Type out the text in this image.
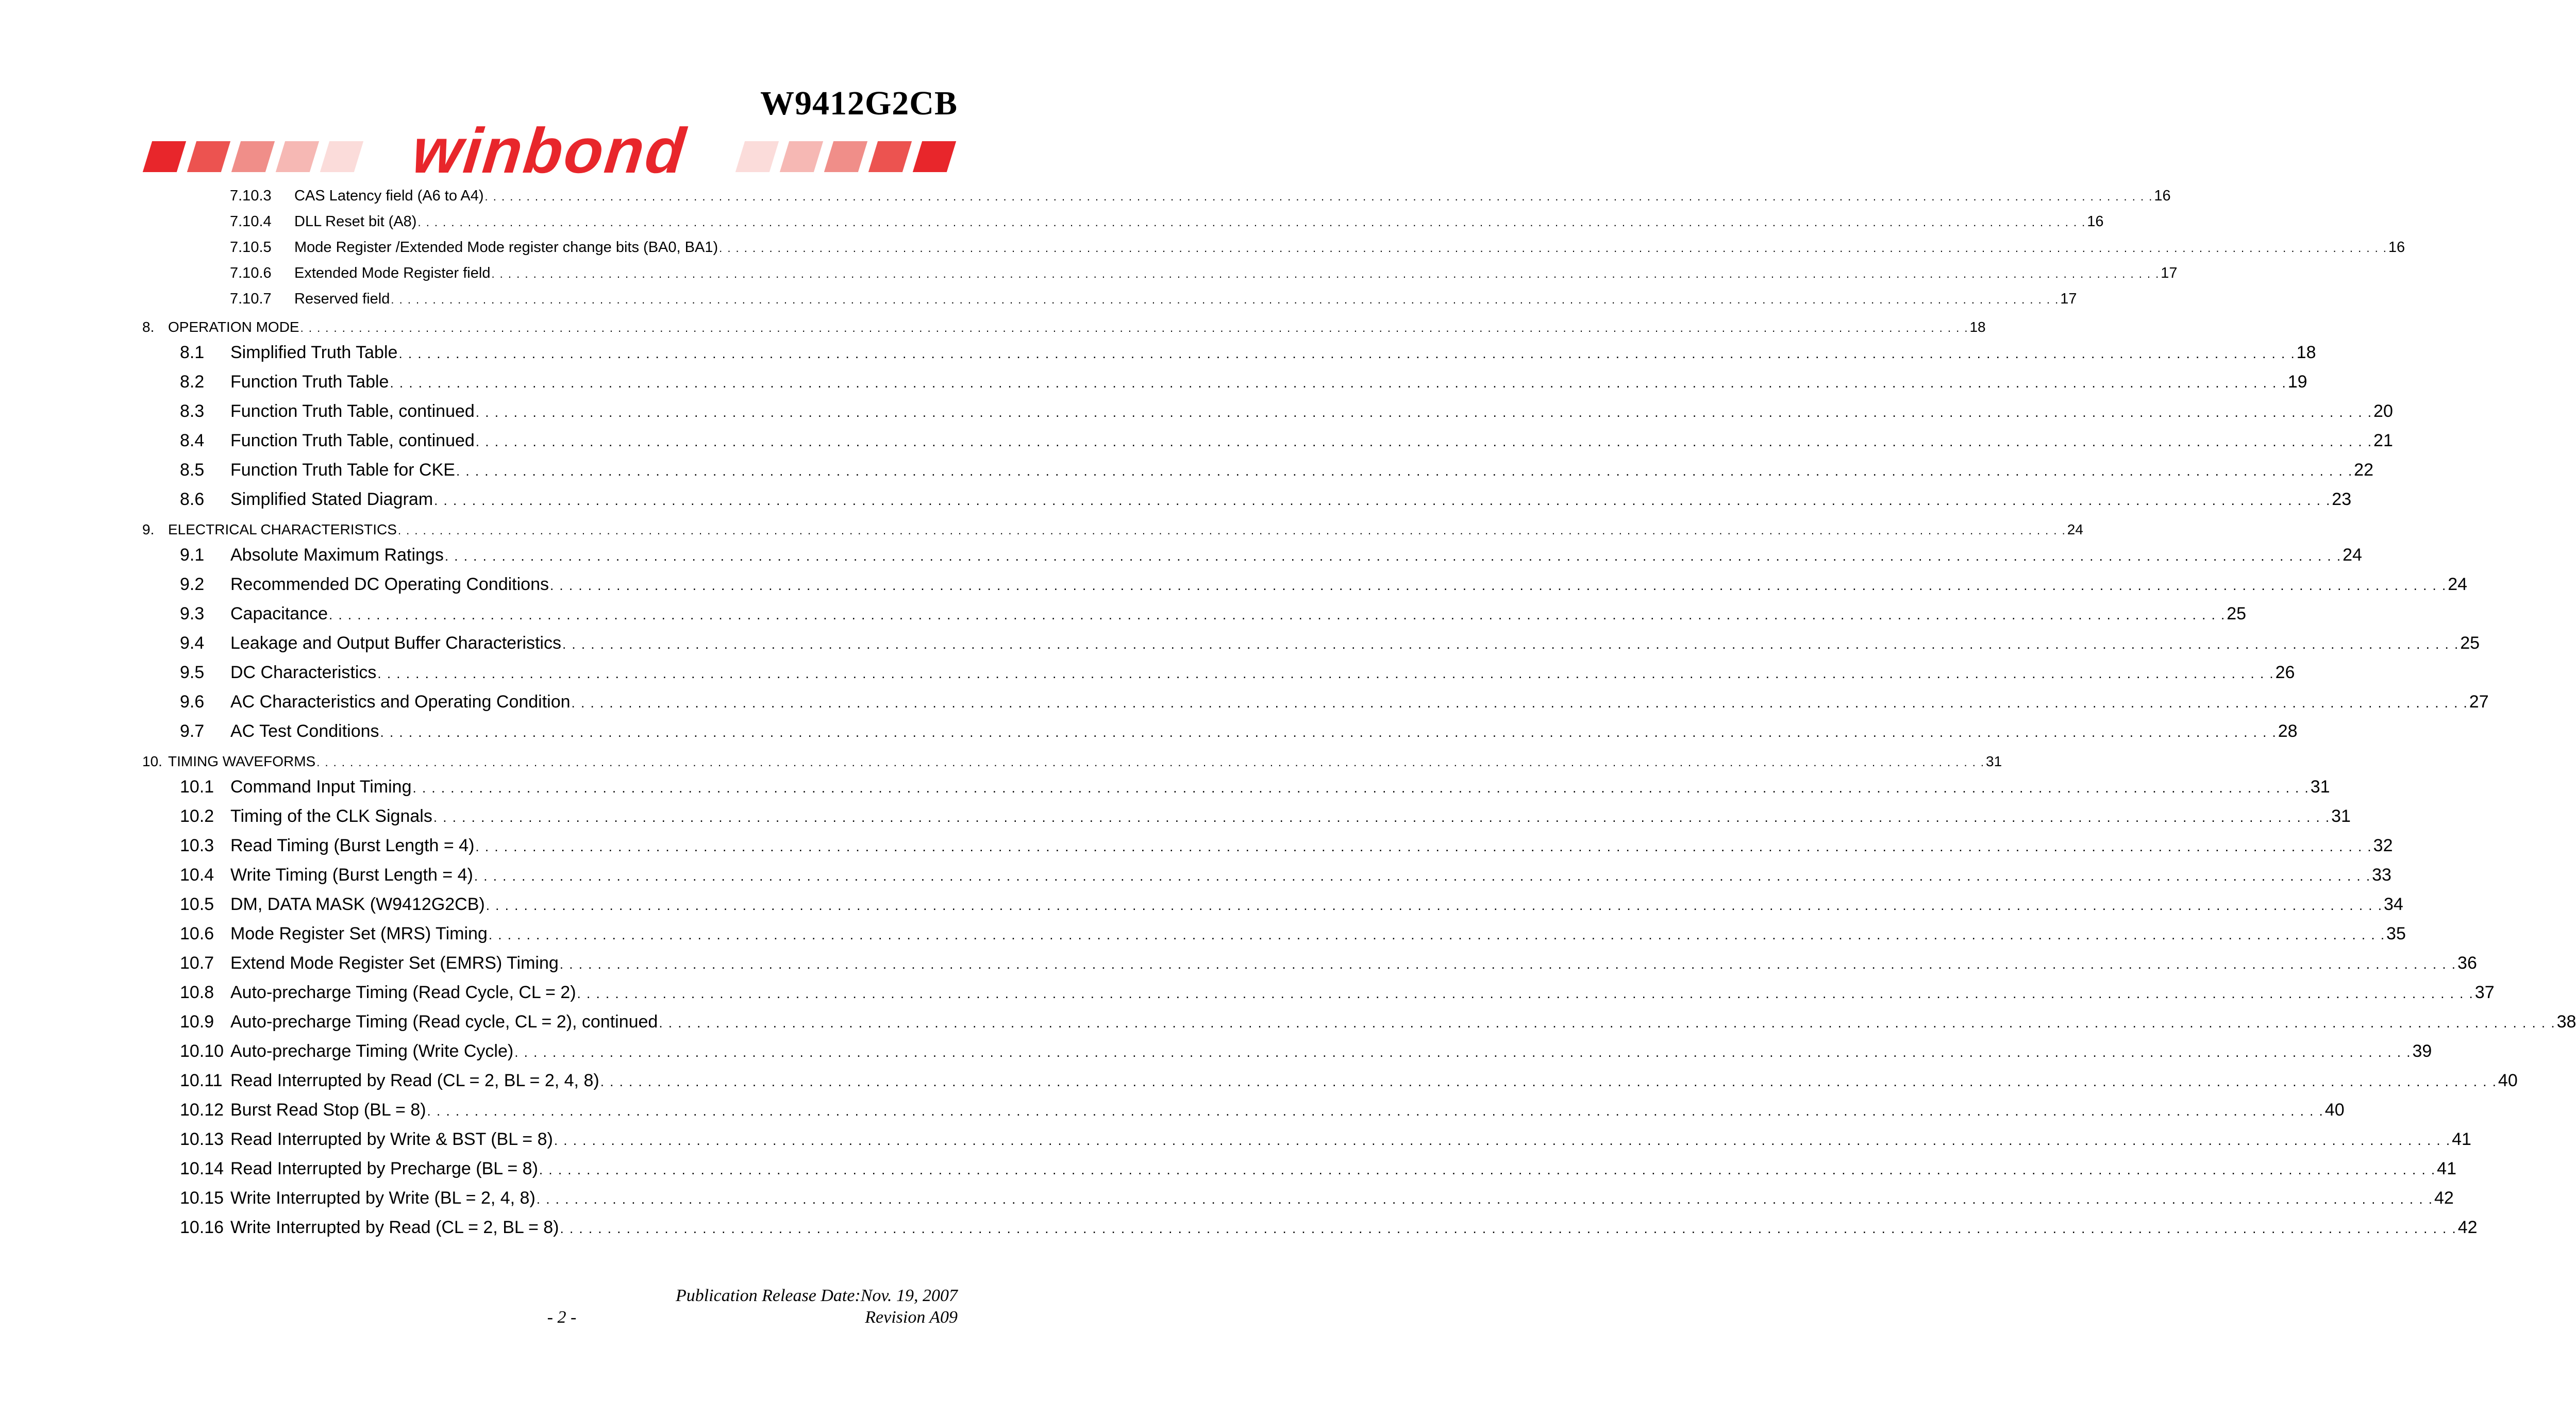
W9412G2CB
winbond
7.10.3	CAS Latency field (A6 to A4) . . . . . . . . . . . . . . . . . . . . . . . . . . . . . . . . . . . . . . . . . . . . . . . . . . . . . . . . . . . . . . . . . . . . . . . . . . . . . . . . . . . . . . . . . . . . . . . . . . . . . . . . . . . . . . . . . . . . . . . . . . . . . . . . . . . . . . . . . . . . . . . . . . . . . . . . . . . . . . . . . . . . . . . . . . . . . . . . . . . . . . . . . . . . . . . . . . . . . . . . 16
7.10.4	DLL Reset bit (A8) . . . . . . . . . . . . . . . . . . . . . . . . . . . . . . . . . . . . . . . . . . . . . . . . . . . . . . . . . . . . . . . . . . . . . . . . . . . . . . . . . . . . . . . . . . . . . . . . . . . . . . . . . . . . . . . . . . . . . . . . . . . . . . . . . . . . . . . . . . . . . . . . . . . . . . . . . . . . . . . . . . . . . . . . . . . . . . . . . . . . . . . . . . . . . . . . . . . . . . . . 16
7.10.5	Mode Register /Extended Mode register change bits (BA0, BA1) . . . . . . . . . . . . . . . . . . . . . . . . . . . . . . . . . . . . . . . . . . . . . . . . . . . . . . . . . . . . . . . . . . . . . . . . . . . . . . . . . . . . . . . . . . . . . . . . . . . . . . . . . . . . . . . . . . . . . . . . . . . . . . . . . . . . . . . . . . . . . . . . . . . . . . . . . . . . . . . . . . . . . . . . . . . . . . . . . . . . . . . . . . . . . . . . . . . . . . . . 16
7.10.6	Extended Mode Register field . . . . . . . . . . . . . . . . . . . . . . . . . . . . . . . . . . . . . . . . . . . . . . . . . . . . . . . . . . . . . . . . . . . . . . . . . . . . . . . . . . . . . . . . . . . . . . . . . . . . . . . . . . . . . . . . . . . . . . . . . . . . . . . . . . . . . . . . . . . . . . . . . . . . . . . . . . . . . . . . . . . . . . . . . . . . . . . . . . . . . . . . . . . . . . . . . . . . . . . . 17
7.10.7	Reserved field . . . . . . . . . . . . . . . . . . . . . . . . . . . . . . . . . . . . . . . . . . . . . . . . . . . . . . . . . . . . . . . . . . . . . . . . . . . . . . . . . . . . . . . . . . . . . . . . . . . . . . . . . . . . . . . . . . . . . . . . . . . . . . . . . . . . . . . . . . . . . . . . . . . . . . . . . . . . . . . . . . . . . . . . . . . . . . . . . . . . . . . . . . . . . . . . . . . . . . . . 17
8. OPERATION MODE . . . . . . . . . . . . . . . . . . . . . . . . . . . . . . . . . . . . . . . . . . . . . . . . . . . . . . . . . . . . . . . . . . . . . . . . . . . . . . . . . . . . . . . . . . . . . . . . . . . . . . . . . . . . . . . . . . . . . . . . . . . . . . . . . . . . . . . . . . . . . . . . . . . . . . . . . . . . . . . . . . . . . . . . . . . . . . . . . . . . . . . . . . . . . . . . . . . . . . . . 18
8.1	Simplified Truth Table . . . . . . . . . . . . . . . . . . . . . . . . . . . . . . . . . . . . . . . . . . . . . . . . . . . . . . . . . . . . . . . . . . . . . . . . . . . . . . . . . . . . . . . . . . . . . . . . . . . . . . . . . . . . . . . . . . . . . . . . . . . . . . . . . . . . . . . . . . . . . . . . . . . . . . . . . . . . . . . . . . . . . . . . . . . . . . . . . . . . . . . . . . . . . . . . . . . . . . . . 18
8.2	Function Truth Table . . . . . . . . . . . . . . . . . . . . . . . . . . . . . . . . . . . . . . . . . . . . . . . . . . . . . . . . . . . . . . . . . . . . . . . . . . . . . . . . . . . . . . . . . . . . . . . . . . . . . . . . . . . . . . . . . . . . . . . . . . . . . . . . . . . . . . . . . . . . . . . . . . . . . . . . . . . . . . . . . . . . . . . . . . . . . . . . . . . . . . . . . . . . . . . . . . . . . . . . 19
8.3	Function Truth Table, continued . . . . . . . . . . . . . . . . . . . . . . . . . . . . . . . . . . . . . . . . . . . . . . . . . . . . . . . . . . . . . . . . . . . . . . . . . . . . . . . . . . . . . . . . . . . . . . . . . . . . . . . . . . . . . . . . . . . . . . . . . . . . . . . . . . . . . . . . . . . . . . . . . . . . . . . . . . . . . . . . . . . . . . . . . . . . . . . . . . . . . . . . . . . . . . . . . . . . . . . . 20
8.4	Function Truth Table, continued . . . . . . . . . . . . . . . . . . . . . . . . . . . . . . . . . . . . . . . . . . . . . . . . . . . . . . . . . . . . . . . . . . . . . . . . . . . . . . . . . . . . . . . . . . . . . . . . . . . . . . . . . . . . . . . . . . . . . . . . . . . . . . . . . . . . . . . . . . . . . . . . . . . . . . . . . . . . . . . . . . . . . . . . . . . . . . . . . . . . . . . . . . . . . . . . . . . . . . . . 21
8.5	Function Truth Table for CKE . . . . . . . . . . . . . . . . . . . . . . . . . . . . . . . . . . . . . . . . . . . . . . . . . . . . . . . . . . . . . . . . . . . . . . . . . . . . . . . . . . . . . . . . . . . . . . . . . . . . . . . . . . . . . . . . . . . . . . . . . . . . . . . . . . . . . . . . . . . . . . . . . . . . . . . . . . . . . . . . . . . . . . . . . . . . . . . . . . . . . . . . . . . . . . . . . . . . . . . . 22
8.6	Simplified Stated Diagram . . . . . . . . . . . . . . . . . . . . . . . . . . . . . . . . . . . . . . . . . . . . . . . . . . . . . . . . . . . . . . . . . . . . . . . . . . . . . . . . . . . . . . . . . . . . . . . . . . . . . . . . . . . . . . . . . . . . . . . . . . . . . . . . . . . . . . . . . . . . . . . . . . . . . . . . . . . . . . . . . . . . . . . . . . . . . . . . . . . . . . . . . . . . . . . . . . . . . . . . 23
9. ELECTRICAL CHARACTERISTICS . . . . . . . . . . . . . . . . . . . . . . . . . . . . . . . . . . . . . . . . . . . . . . . . . . . . . . . . . . . . . . . . . . . . . . . . . . . . . . . . . . . . . . . . . . . . . . . . . . . . . . . . . . . . . . . . . . . . . . . . . . . . . . . . . . . . . . . . . . . . . . . . . . . . . . . . . . . . . . . . . . . . . . . . . . . . . . . . . . . . . . . . . . . . . . . . . . . . . . . . 24
9.1	Absolute Maximum Ratings . . . . . . . . . . . . . . . . . . . . . . . . . . . . . . . . . . . . . . . . . . . . . . . . . . . . . . . . . . . . . . . . . . . . . . . . . . . . . . . . . . . . . . . . . . . . . . . . . . . . . . . . . . . . . . . . . . . . . . . . . . . . . . . . . . . . . . . . . . . . . . . . . . . . . . . . . . . . . . . . . . . . . . . . . . . . . . . . . . . . . . . . . . . . . . . . . . . . . . . . 24
9.2	Recommended DC Operating Conditions . . . . . . . . . . . . . . . . . . . . . . . . . . . . . . . . . . . . . . . . . . . . . . . . . . . . . . . . . . . . . . . . . . . . . . . . . . . . . . . . . . . . . . . . . . . . . . . . . . . . . . . . . . . . . . . . . . . . . . . . . . . . . . . . . . . . . . . . . . . . . . . . . . . . . . . . . . . . . . . . . . . . . . . . . . . . . . . . . . . . . . . . . . . . . . . . . . . . . . . . 24
9.3	Capacitance . . . . . . . . . . . . . . . . . . . . . . . . . . . . . . . . . . . . . . . . . . . . . . . . . . . . . . . . . . . . . . . . . . . . . . . . . . . . . . . . . . . . . . . . . . . . . . . . . . . . . . . . . . . . . . . . . . . . . . . . . . . . . . . . . . . . . . . . . . . . . . . . . . . . . . . . . . . . . . . . . . . . . . . . . . . . . . . . . . . . . . . . . . . . . . . . . . . . . . . . 25
9.4	Leakage and Output Buffer Characteristics . . . . . . . . . . . . . . . . . . . . . . . . . . . . . . . . . . . . . . . . . . . . . . . . . . . . . . . . . . . . . . . . . . . . . . . . . . . . . . . . . . . . . . . . . . . . . . . . . . . . . . . . . . . . . . . . . . . . . . . . . . . . . . . . . . . . . . . . . . . . . . . . . . . . . . . . . . . . . . . . . . . . . . . . . . . . . . . . . . . . . . . . . . . . . . . . . . . . . . . . 25
9.5	DC Characteristics . . . . . . . . . . . . . . . . . . . . . . . . . . . . . . . . . . . . . . . . . . . . . . . . . . . . . . . . . . . . . . . . . . . . . . . . . . . . . . . . . . . . . . . . . . . . . . . . . . . . . . . . . . . . . . . . . . . . . . . . . . . . . . . . . . . . . . . . . . . . . . . . . . . . . . . . . . . . . . . . . . . . . . . . . . . . . . . . . . . . . . . . . . . . . . . . . . . . . . . . 26
9.6	AC Characteristics and Operating Condition . . . . . . . . . . . . . . . . . . . . . . . . . . . . . . . . . . . . . . . . . . . . . . . . . . . . . . . . . . . . . . . . . . . . . . . . . . . . . . . . . . . . . . . . . . . . . . . . . . . . . . . . . . . . . . . . . . . . . . . . . . . . . . . . . . . . . . . . . . . . . . . . . . . . . . . . . . . . . . . . . . . . . . . . . . . . . . . . . . . . . . . . . . . . . . . . . . . . . . . . 27
9.7	AC Test Conditions . . . . . . . . . . . . . . . . . . . . . . . . . . . . . . . . . . . . . . . . . . . . . . . . . . . . . . . . . . . . . . . . . . . . . . . . . . . . . . . . . . . . . . . . . . . . . . . . . . . . . . . . . . . . . . . . . . . . . . . . . . . . . . . . . . . . . . . . . . . . . . . . . . . . . . . . . . . . . . . . . . . . . . . . . . . . . . . . . . . . . . . . . . . . . . . . . . . . . . . . 28
10. TIMING WAVEFORMS . . . . . . . . . . . . . . . . . . . . . . . . . . . . . . . . . . . . . . . . . . . . . . . . . . . . . . . . . . . . . . . . . . . . . . . . . . . . . . . . . . . . . . . . . . . . . . . . . . . . . . . . . . . . . . . . . . . . . . . . . . . . . . . . . . . . . . . . . . . . . . . . . . . . . . . . . . . . . . . . . . . . . . . . . . . . . . . . . . . . . . . . . . . . . . . . . . . . . . . . 31
10.1 Command Input Timing . . . . . . . . . . . . . . . . . . . . . . . . . . . . . . . . . . . . . . . . . . . . . . . . . . . . . . . . . . . . . . . . . . . . . . . . . . . . . . . . . . . . . . . . . . . . . . . . . . . . . . . . . . . . . . . . . . . . . . . . . . . . . . . . . . . . . . . . . . . . . . . . . . . . . . . . . . . . . . . . . . . . . . . . . . . . . . . . . . . . . . . . . . . . . . . . . . . . . . . . 31
10.2 Timing of the CLK Signals . . . . . . . . . . . . . . . . . . . . . . . . . . . . . . . . . . . . . . . . . . . . . . . . . . . . . . . . . . . . . . . . . . . . . . . . . . . . . . . . . . . . . . . . . . . . . . . . . . . . . . . . . . . . . . . . . . . . . . . . . . . . . . . . . . . . . . . . . . . . . . . . . . . . . . . . . . . . . . . . . . . . . . . . . . . . . . . . . . . . . . . . . . . . . . . . . . . . . . . . 31
10.3 Read Timing (Burst Length = 4) . . . . . . . . . . . . . . . . . . . . . . . . . . . . . . . . . . . . . . . . . . . . . . . . . . . . . . . . . . . . . . . . . . . . . . . . . . . . . . . . . . . . . . . . . . . . . . . . . . . . . . . . . . . . . . . . . . . . . . . . . . . . . . . . . . . . . . . . . . . . . . . . . . . . . . . . . . . . . . . . . . . . . . . . . . . . . . . . . . . . . . . . . . . . . . . . . . . . . . . . 32
10.4 Write Timing (Burst Length = 4) . . . . . . . . . . . . . . . . . . . . . . . . . . . . . . . . . . . . . . . . . . . . . . . . . . . . . . . . . . . . . . . . . . . . . . . . . . . . . . . . . . . . . . . . . . . . . . . . . . . . . . . . . . . . . . . . . . . . . . . . . . . . . . . . . . . . . . . . . . . . . . . . . . . . . . . . . . . . . . . . . . . . . . . . . . . . . . . . . . . . . . . . . . . . . . . . . . . . . . . . 33
10.5 DM, DATA MASK (W9412G2CB) . . . . . . . . . . . . . . . . . . . . . . . . . . . . . . . . . . . . . . . . . . . . . . . . . . . . . . . . . . . . . . . . . . . . . . . . . . . . . . . . . . . . . . . . . . . . . . . . . . . . . . . . . . . . . . . . . . . . . . . . . . . . . . . . . . . . . . . . . . . . . . . . . . . . . . . . . . . . . . . . . . . . . . . . . . . . . . . . . . . . . . . . . . . . . . . . . . . . . . . . 34
10.6 Mode Register Set (MRS) Timing . . . . . . . . . . . . . . . . . . . . . . . . . . . . . . . . . . . . . . . . . . . . . . . . . . . . . . . . . . . . . . . . . . . . . . . . . . . . . . . . . . . . . . . . . . . . . . . . . . . . . . . . . . . . . . . . . . . . . . . . . . . . . . . . . . . . . . . . . . . . . . . . . . . . . . . . . . . . . . . . . . . . . . . . . . . . . . . . . . . . . . . . . . . . . . . . . . . . . . . . 35
10.7 Extend Mode Register Set (EMRS) Timing . . . . . . . . . . . . . . . . . . . . . . . . . . . . . . . . . . . . . . . . . . . . . . . . . . . . . . . . . . . . . . . . . . . . . . . . . . . . . . . . . . . . . . . . . . . . . . . . . . . . . . . . . . . . . . . . . . . . . . . . . . . . . . . . . . . . . . . . . . . . . . . . . . . . . . . . . . . . . . . . . . . . . . . . . . . . . . . . . . . . . . . . . . . . . . . . . . . . . . . . 36
10.8 Auto-precharge Timing (Read Cycle, CL = 2) . . . . . . . . . . . . . . . . . . . . . . . . . . . . . . . . . . . . . . . . . . . . . . . . . . . . . . . . . . . . . . . . . . . . . . . . . . . . . . . . . . . . . . . . . . . . . . . . . . . . . . . . . . . . . . . . . . . . . . . . . . . . . . . . . . . . . . . . . . . . . . . . . . . . . . . . . . . . . . . . . . . . . . . . . . . . . . . . . . . . . . . . . . . . . . . . . . . . . . . . 37
10.9 Auto-precharge Timing (Read cycle, CL = 2), continued . . . . . . . . . . . . . . . . . . . . . . . . . . . . . . . . . . . . . . . . . . . . . . . . . . . . . . . . . . . . . . . . . . . . . . . . . . . . . . . . . . . . . . . . . . . . . . . . . . . . . . . . . . . . . . . . . . . . . . . . . . . . . . . . . . . . . . . . . . . . . . . . . . . . . . . . . . . . . . . . . . . . . . . . . . . . . . . . . . . . . . . . . . . . . . . . . . . . . . . . 38
10.10 Auto-precharge Timing (Write Cycle) . . . . . . . . . . . . . . . . . . . . . . . . . . . . . . . . . . . . . . . . . . . . . . . . . . . . . . . . . . . . . . . . . . . . . . . . . . . . . . . . . . . . . . . . . . . . . . . . . . . . . . . . . . . . . . . . . . . . . . . . . . . . . . . . . . . . . . . . . . . . . . . . . . . . . . . . . . . . . . . . . . . . . . . . . . . . . . . . . . . . . . . . . . . . . . . . . . . . . . . . 39
10.11 Read Interrupted by Read (CL = 2, BL = 2, 4, 8) . . . . . . . . . . . . . . . . . . . . . . . . . . . . . . . . . . . . . . . . . . . . . . . . . . . . . . . . . . . . . . . . . . . . . . . . . . . . . . . . . . . . . . . . . . . . . . . . . . . . . . . . . . . . . . . . . . . . . . . . . . . . . . . . . . . . . . . . . . . . . . . . . . . . . . . . . . . . . . . . . . . . . . . . . . . . . . . . . . . . . . . . . . . . . . . . . . . . . . . . 40
10.12 Burst Read Stop (BL = 8) . . . . . . . . . . . . . . . . . . . . . . . . . . . . . . . . . . . . . . . . . . . . . . . . . . . . . . . . . . . . . . . . . . . . . . . . . . . . . . . . . . . . . . . . . . . . . . . . . . . . . . . . . . . . . . . . . . . . . . . . . . . . . . . . . . . . . . . . . . . . . . . . . . . . . . . . . . . . . . . . . . . . . . . . . . . . . . . . . . . . . . . . . . . . . . . . . . . . . . . . 40
10.13 Read Interrupted by Write & BST (BL = 8) . . . . . . . . . . . . . . . . . . . . . . . . . . . . . . . . . . . . . . . . . . . . . . . . . . . . . . . . . . . . . . . . . . . . . . . . . . . . . . . . . . . . . . . . . . . . . . . . . . . . . . . . . . . . . . . . . . . . . . . . . . . . . . . . . . . . . . . . . . . . . . . . . . . . . . . . . . . . . . . . . . . . . . . . . . . . . . . . . . . . . . . . . . . . . . . . . . . . . . . . 41
10.14 Read Interrupted by Precharge (BL = 8) . . . . . . . . . . . . . . . . . . . . . . . . . . . . . . . . . . . . . . . . . . . . . . . . . . . . . . . . . . . . . . . . . . . . . . . . . . . . . . . . . . . . . . . . . . . . . . . . . . . . . . . . . . . . . . . . . . . . . . . . . . . . . . . . . . . . . . . . . . . . . . . . . . . . . . . . . . . . . . . . . . . . . . . . . . . . . . . . . . . . . . . . . . . . . . . . . . . . . . . . 41
10.15 Write Interrupted by Write (BL = 2, 4, 8) . . . . . . . . . . . . . . . . . . . . . . . . . . . . . . . . . . . . . . . . . . . . . . . . . . . . . . . . . . . . . . . . . . . . . . . . . . . . . . . . . . . . . . . . . . . . . . . . . . . . . . . . . . . . . . . . . . . . . . . . . . . . . . . . . . . . . . . . . . . . . . . . . . . . . . . . . . . . . . . . . . . . . . . . . . . . . . . . . . . . . . . . . . . . . . . . . . . . . . . . 42
10.16 Write Interrupted by Read (CL = 2, BL = 8) . . . . . . . . . . . . . . . . . . . . . . . . . . . . . . . . . . . . . . . . . . . . . . . . . . . . . . . . . . . . . . . . . . . . . . . . . . . . . . . . . . . . . . . . . . . . . . . . . . . . . . . . . . . . . . . . . . . . . . . . . . . . . . . . . . . . . . . . . . . . . . . . . . . . . . . . . . . . . . . . . . . . . . . . . . . . . . . . . . . . . . . . . . . . . . . . . . . . . . . . 42
Publication Release Date:Nov. 19, 2007
- 2 -	Revision A09
